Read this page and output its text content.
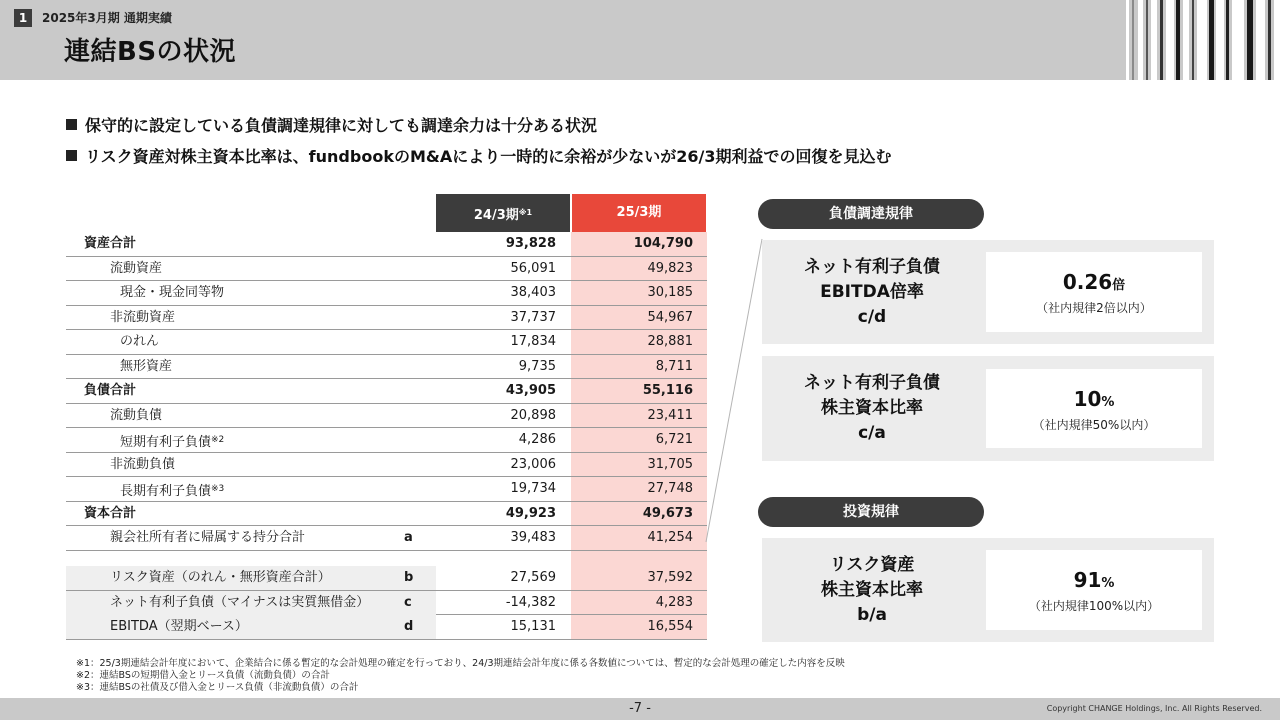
1	2025年3月期 通期実績
連結BSの状況
保守的に設定している負債調達規律に対しても調達余力は十分ある状況
リスク資産対株主資本比率は、fundbookのM&Aにより一時的に余裕が少ないが26/3期利益での回復を見込む
24/3期$^{※1}$	25/3期
資産合計	93,828	104,790
流動資産	56,091	49,823
現金・現金同等物	38,403	30,185
非流動資産	37,737	54,967
のれん	17,834	28,881
無形資産	9,735	8,711
負債合計	43,905	55,116
流動負債	20,898	23,411
短期有利子負債$^{※2}$	4,286	6,721
非流動負債	23,006	31,705
長期有利子負債$^{※3}$	19,734	27,748
資本合計	49,923	49,673
親会社所有者に帰属する持分合計	a	39,483	41,254
リスク資産（のれん・無形資産合計）	b	27,569	37,592
ネット有利子負債（マイナスは実質無借金）	c	-14,382	4,283
EBITDA（翌期ベース）	d	15,131	16,554
負債調達規律
ネット有利子負債
EBITDA倍率
c/d
0.26倍
（社内規律2倍以内）
ネット有利子負債
株主資本比率
c/a
10%
（社内規律50%以内）
投資規律
リスク資産
株主資本比率
b/a
91%
（社内規律100%以内）
※1：25/3期連結会計年度において、企業結合に係る暫定的な会計処理の確定を行っており、24/3期連結会計年度に係る各数値については、暫定的な会計処理の確定した内容を反映
※2：連結BSの短期借入金とリース負債（流動負債）の合計
※3：連結BSの社債及び借入金とリース負債（非流動負債）の合計
-7 -	Copyright CHANGE Holdings, Inc. All Rights Reserved.
